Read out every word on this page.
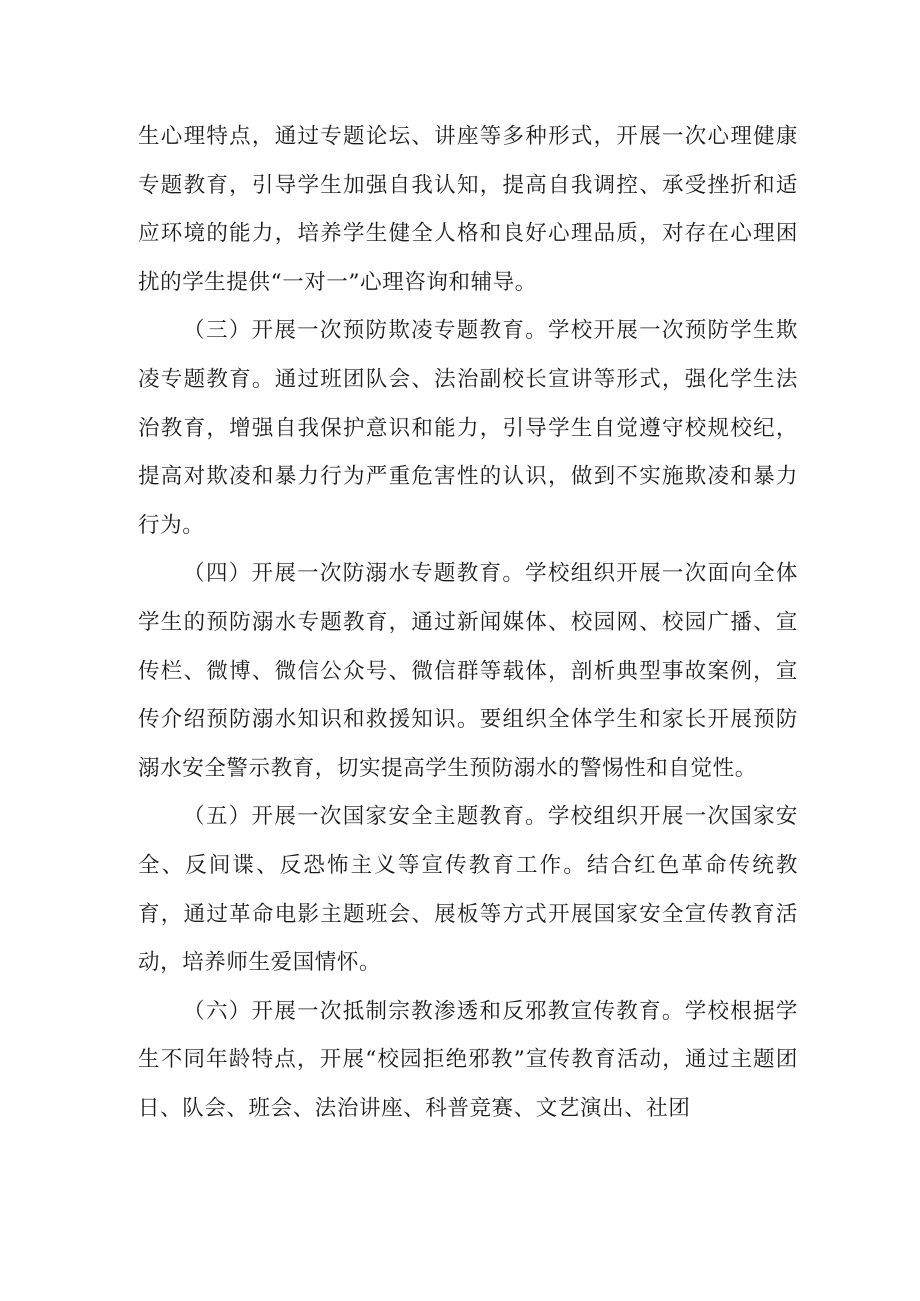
生心理特点，通过专题论坛、讲座等多种形式，开展一次心理健康专题教育，引导学生加强自我认知，提高自我调控、承受挫折和适应环境的能力，培养学生健全人格和良好心理品质，对存在心理困扰的学生提供“一对一”心理咨询和辅导。

（三）开展一次预防欺凌专题教育。学校开展一次预防学生欺凌专题教育。通过班团队会、法治副校长宣讲等形式，强化学生法治教育，增强自我保护意识和能力，引导学生自觉遵守校规校纪，提高对欺凌和暴力行为严重危害性的认识，做到不实施欺凌和暴力行为。

（四）开展一次防溺水专题教育。学校组织开展一次面向全体学生的预防溺水专题教育，通过新闻媒体、校园网、校园广播、宣传栏、微博、微信公众号、微信群等载体，剖析典型事故案例，宣传介绍预防溺水知识和救援知识。要组织全体学生和家长开展预防溺水安全警示教育，切实提高学生预防溺水的警惕性和自觉性。

（五）开展一次国家安全主题教育。学校组织开展一次国家安全、反间谍、反恐怖主义等宣传教育工作。结合红色革命传统教育，通过革命电影主题班会、展板等方式开展国家安全宣传教育活动，培养师生爱国情怀。

（六）开展一次抵制宗教渗透和反邪教宣传教育。学校根据学生不同年龄特点，开展“校园拒绝邪教”宣传教育活动，通过主题团日、队会、班会、法治讲座、科普竞赛、文艺演出、社团
